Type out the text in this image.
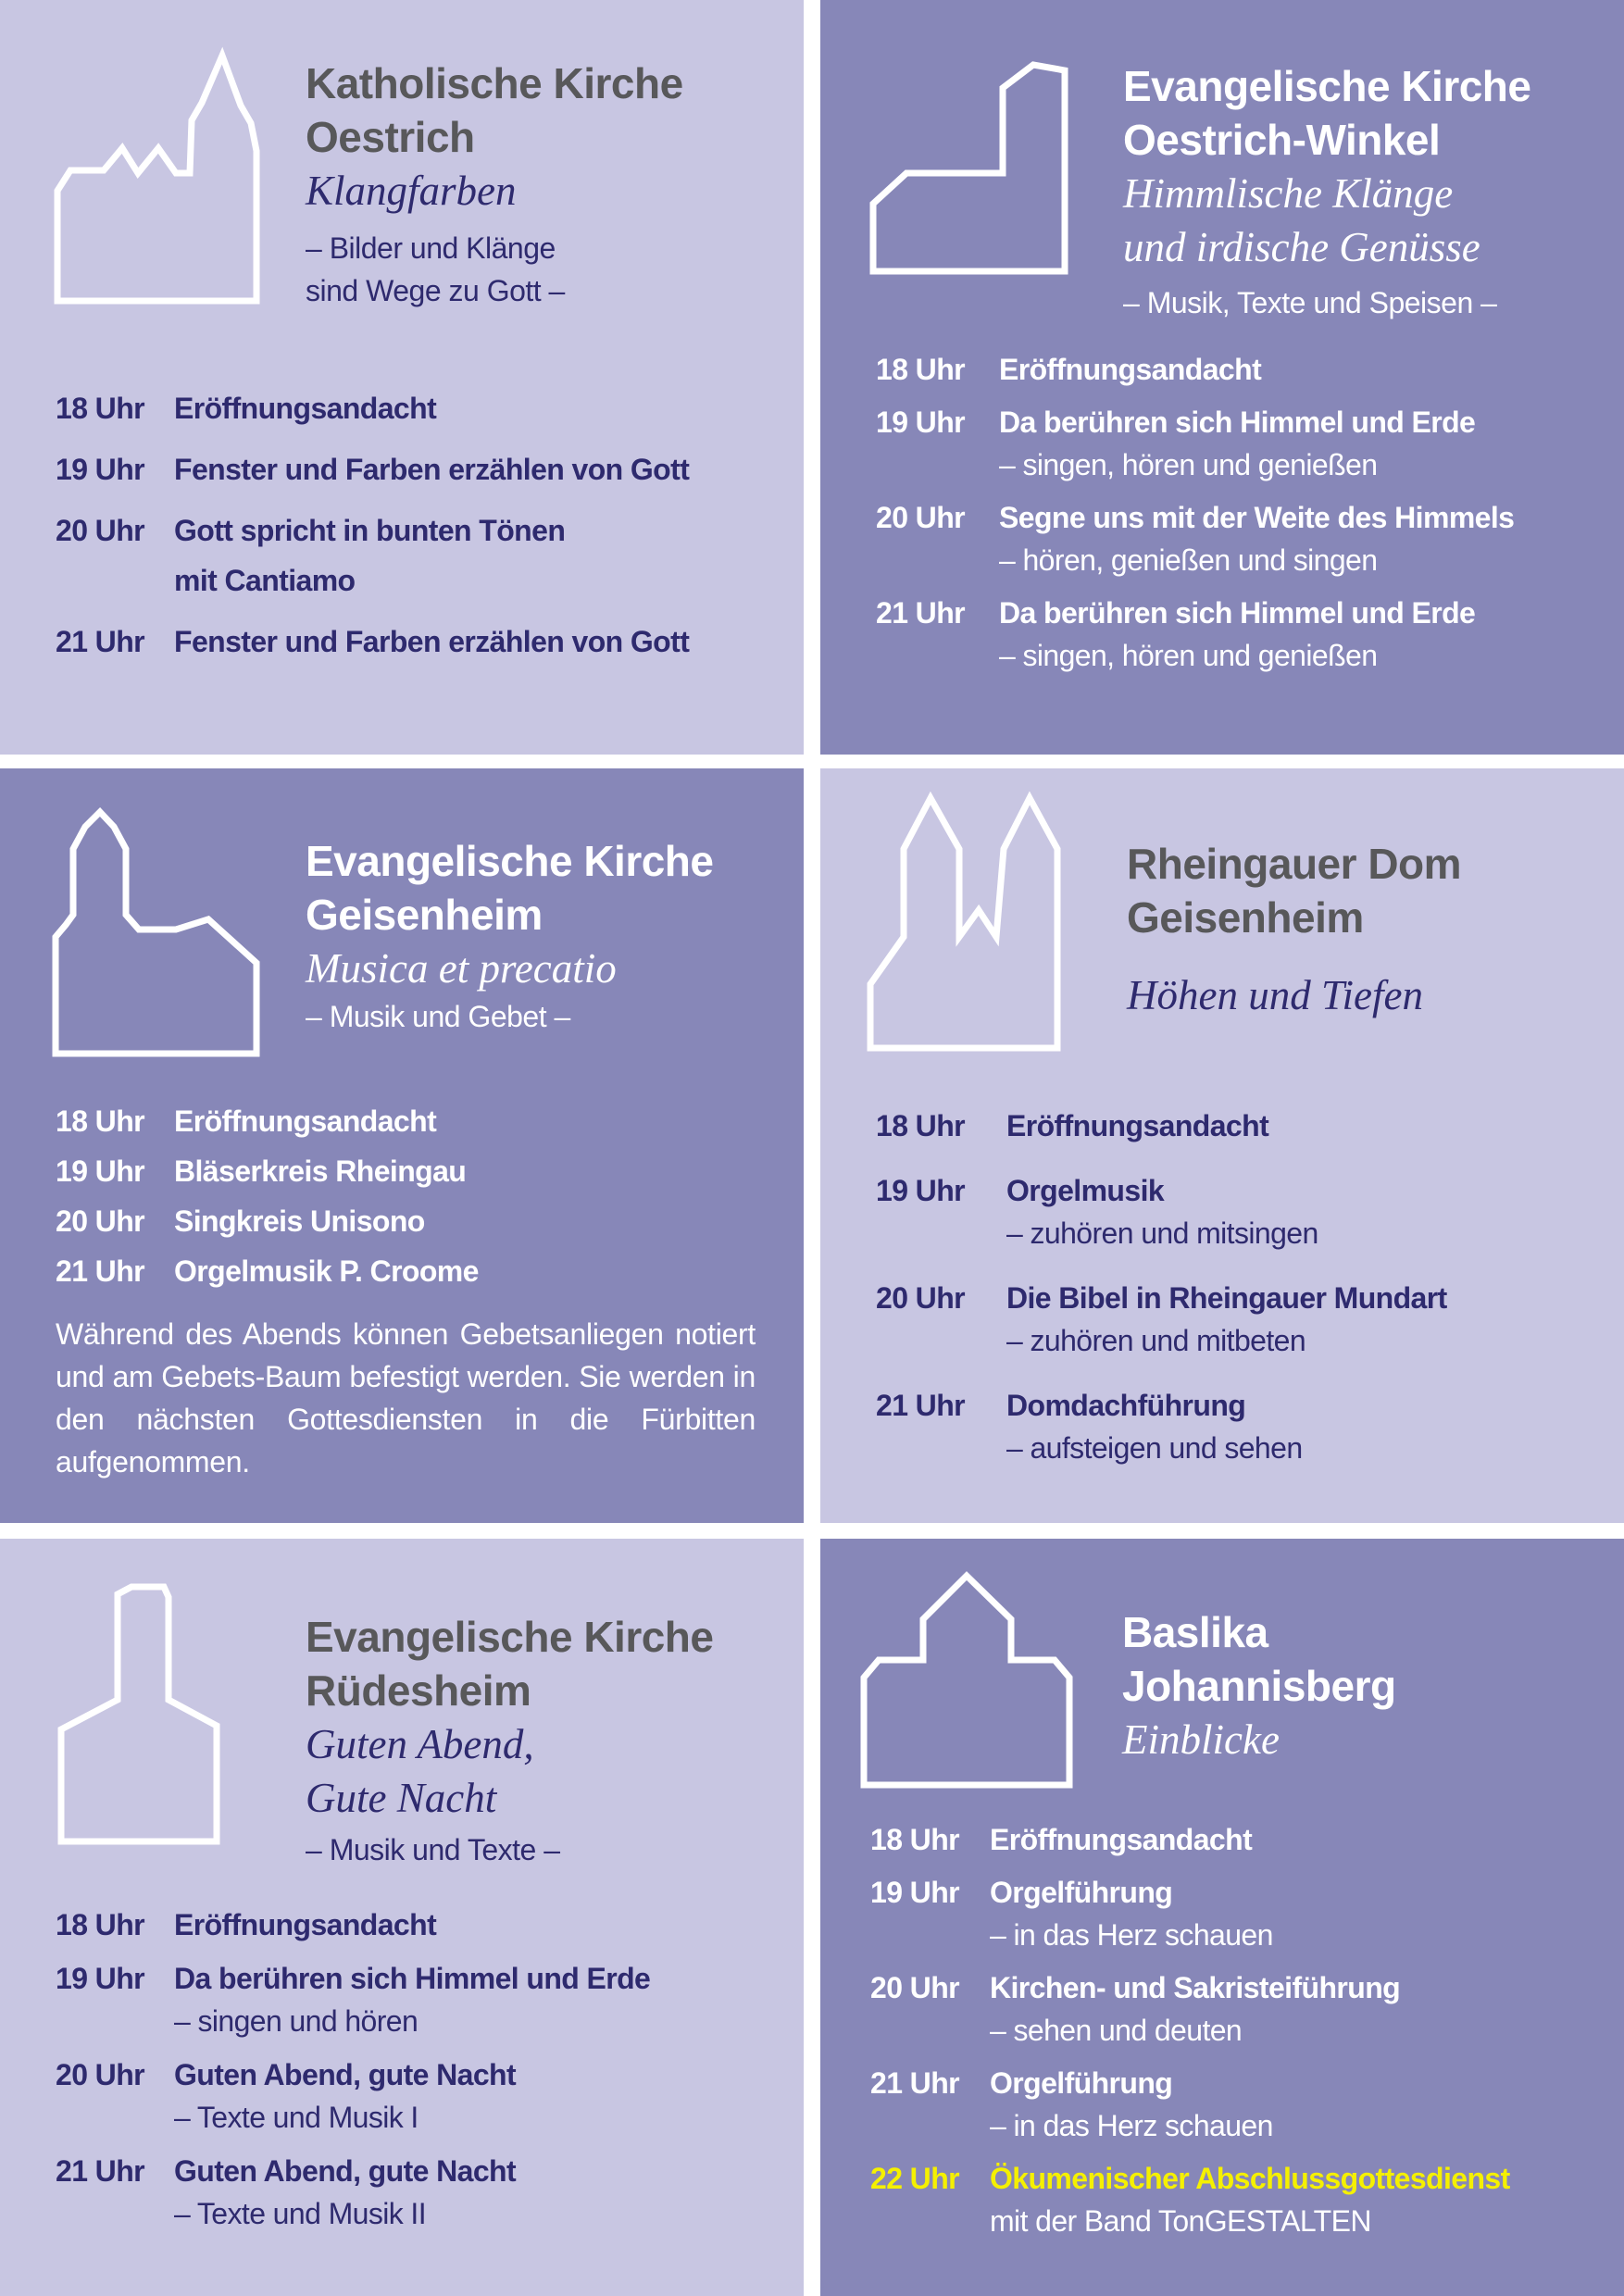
Katholische Kirche
Oestrich
Klangfarben
– Bilder und Klänge
sind Wege zu Gott –
18 Uhr	Eröffnungsandacht
19 Uhr	Fenster und Farben erzählen von Gott
20 Uhr	Gott spricht in bunten Tönen
mit Cantiamo
21 Uhr	Fenster und Farben erzählen von Gott
Evangelische Kirche
Oestrich-Winkel
Himmlische Klänge
und irdische Genüsse
– Musik, Texte und Speisen –
18 Uhr	Eröffnungsandacht
19 Uhr	Da berühren sich Himmel und Erde
– singen, hören und genießen
20 Uhr	Segne uns mit der Weite des Himmels
– hören, genießen und singen
21 Uhr	Da berühren sich Himmel und Erde
– singen, hören und genießen
Evangelische Kirche
Geisenheim
Musica et precatio
– Musik und Gebet –
18 Uhr	Eröffnungsandacht
19 Uhr	Bläserkreis Rheingau
20 Uhr	Singkreis Unisono
21 Uhr	Orgelmusik P. Croome
Während des Abends können Gebetsanliegen notiert und am Gebets-Baum befestigt werden. Sie werden in den nächsten Gottesdiensten in die Fürbitten aufgenommen.
Rheingauer Dom
Geisenheim
Höhen und Tiefen
18 Uhr	Eröffnungsandacht
19 Uhr	Orgelmusik
– zuhören und mitsingen
20 Uhr	Die Bibel in Rheingauer Mundart
– zuhören und mitbeten
21 Uhr	Domdachführung
– aufsteigen und sehen
Evangelische Kirche
Rüdesheim
Guten Abend,
Gute Nacht
– Musik und Texte –
18 Uhr	Eröffnungsandacht
19 Uhr	Da berühren sich Himmel und Erde
– singen und hören
20 Uhr	Guten Abend, gute Nacht
– Texte und Musik I
21 Uhr	Guten Abend, gute Nacht
– Texte und Musik II
Baslika
Johannisberg
Einblicke
18 Uhr	Eröffnungsandacht
19 Uhr	Orgelführung
– in das Herz schauen
20 Uhr	Kirchen- und Sakristeiführung
– sehen und deuten
21 Uhr	Orgelführung
– in das Herz schauen
22 Uhr	Ökumenischer Abschlussgottesdienst
mit der Band TonGESTALTEN
